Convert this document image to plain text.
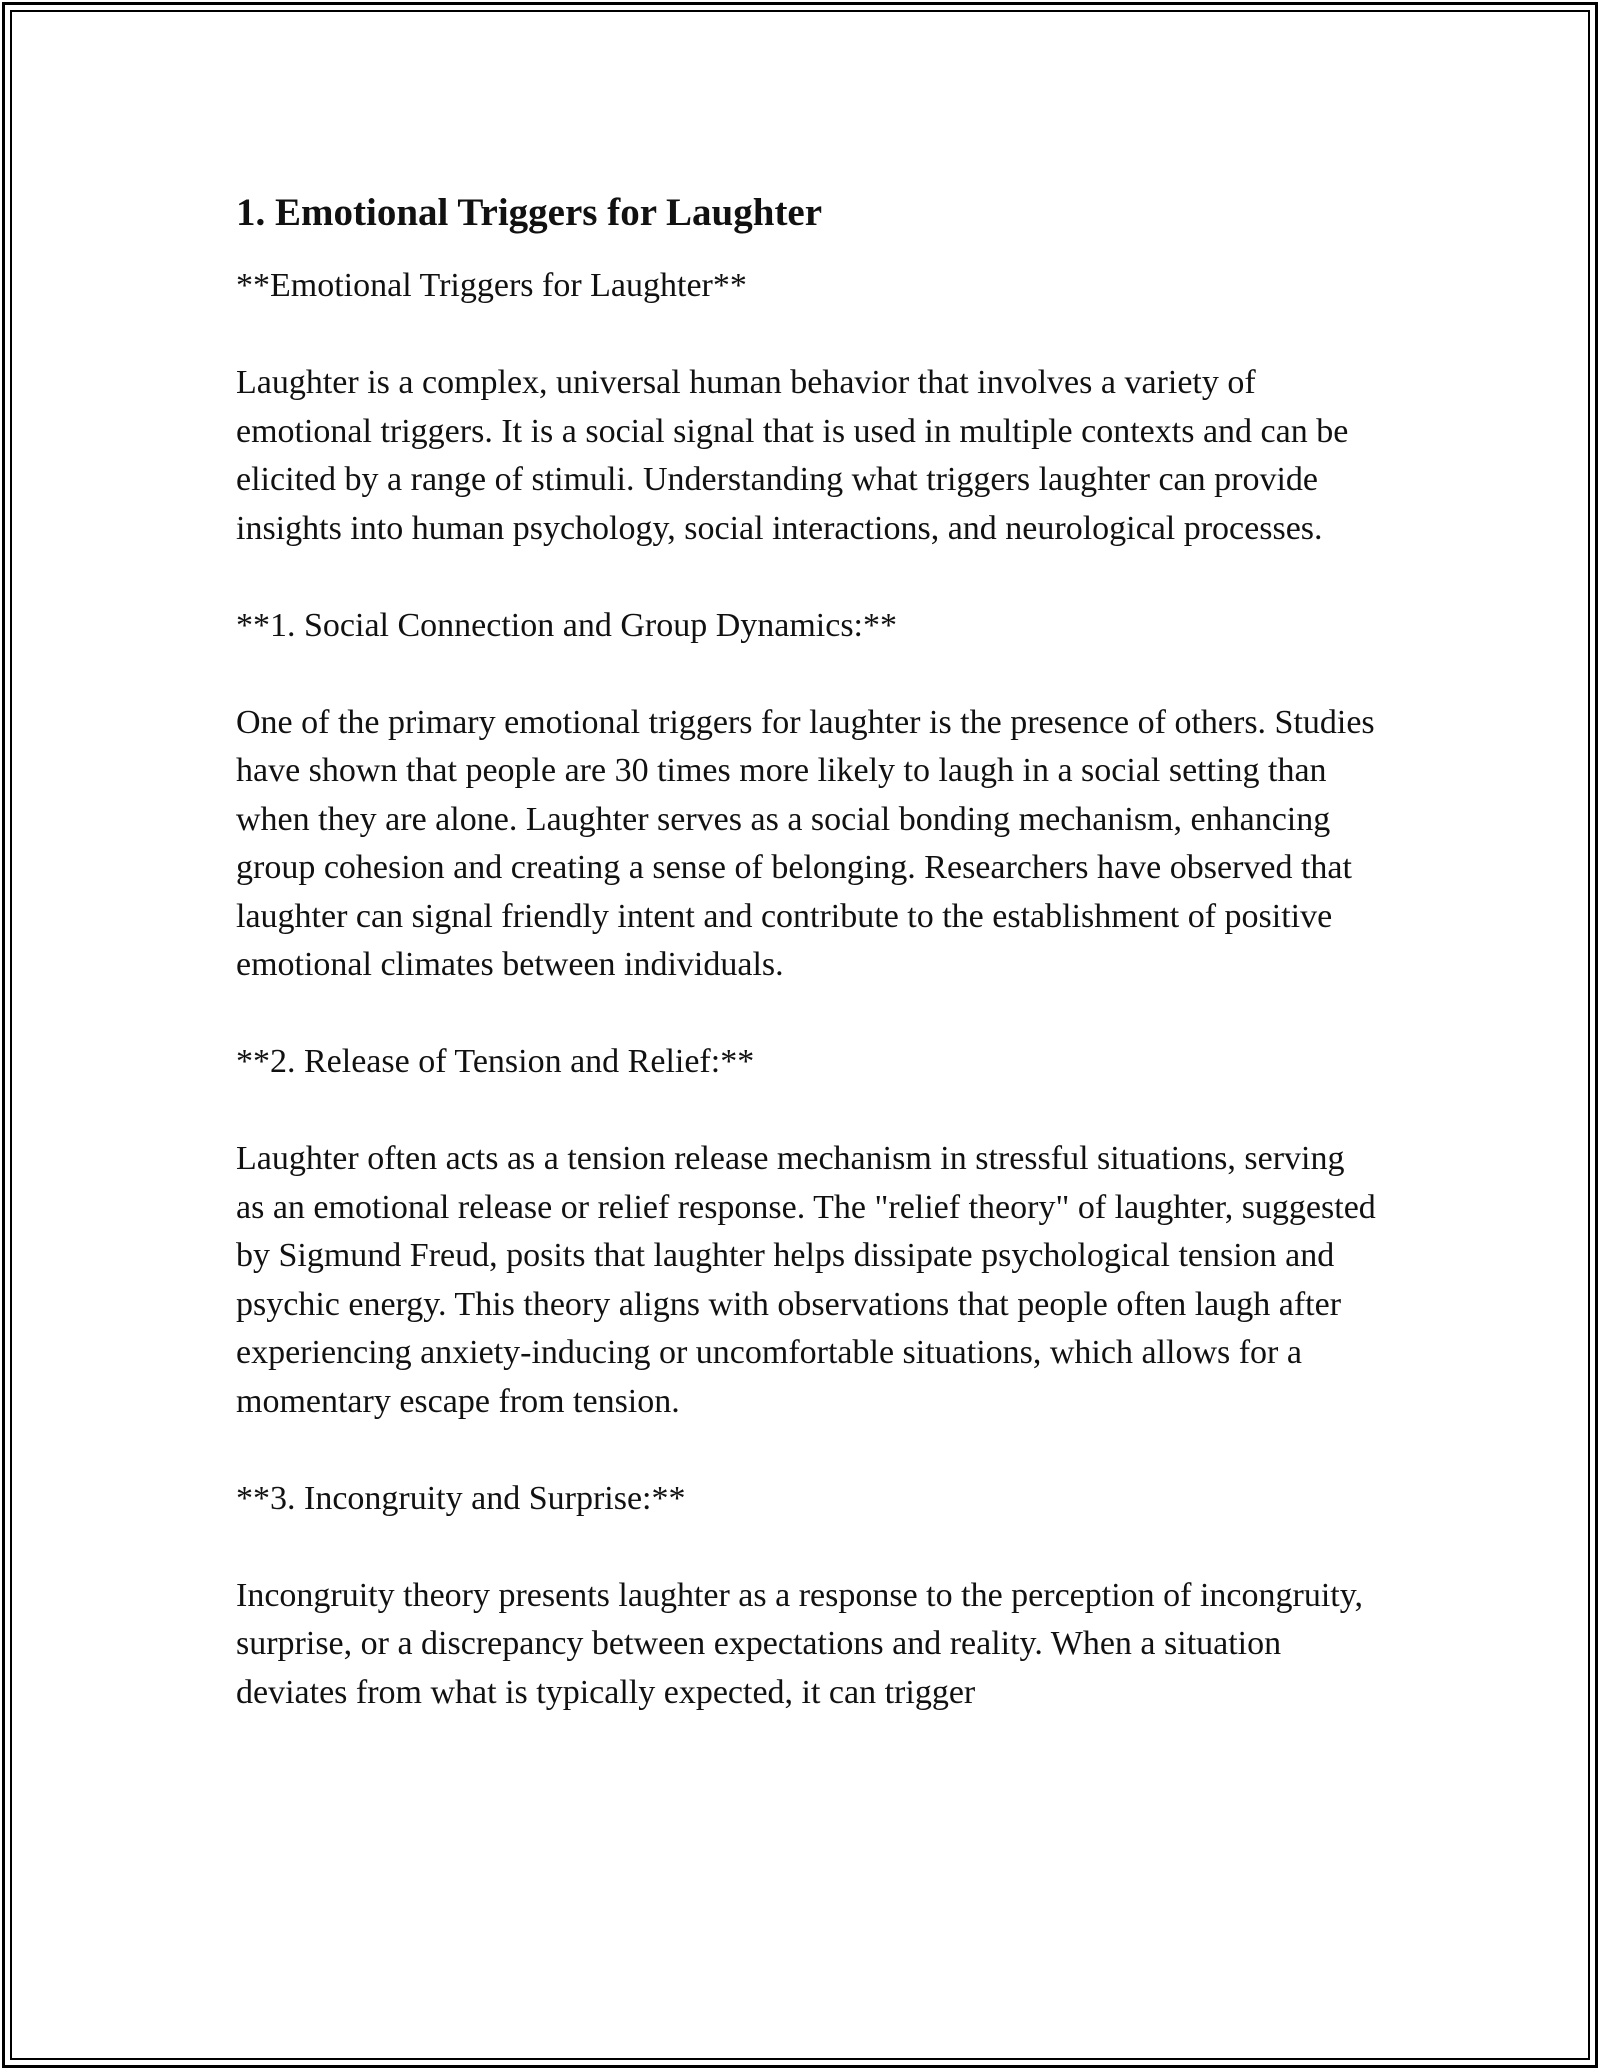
1. Emotional Triggers for Laughter

**Emotional Triggers for Laughter**

Laughter is a complex, universal human behavior that involves a variety of emotional triggers. It is a social signal that is used in multiple contexts and can be elicited by a range of stimuli. Understanding what triggers laughter can provide insights into human psychology, social interactions, and neurological processes.

**1. Social Connection and Group Dynamics:**

One of the primary emotional triggers for laughter is the presence of others. Studies have shown that people are 30 times more likely to laugh in a social setting than when they are alone. Laughter serves as a social bonding mechanism, enhancing group cohesion and creating a sense of belonging. Researchers have observed that laughter can signal friendly intent and contribute to the establishment of positive emotional climates between individuals.

**2. Release of Tension and Relief:**

Laughter often acts as a tension release mechanism in stressful situations, serving as an emotional release or relief response. The "relief theory" of laughter, suggested by Sigmund Freud, posits that laughter helps dissipate psychological tension and psychic energy. This theory aligns with observations that people often laugh after experiencing anxiety-inducing or uncomfortable situations, which allows for a momentary escape from tension.

**3. Incongruity and Surprise:**

Incongruity theory presents laughter as a response to the perception of incongruity, surprise, or a discrepancy between expectations and reality. When a situation deviates from what is typically expected, it can trigger
